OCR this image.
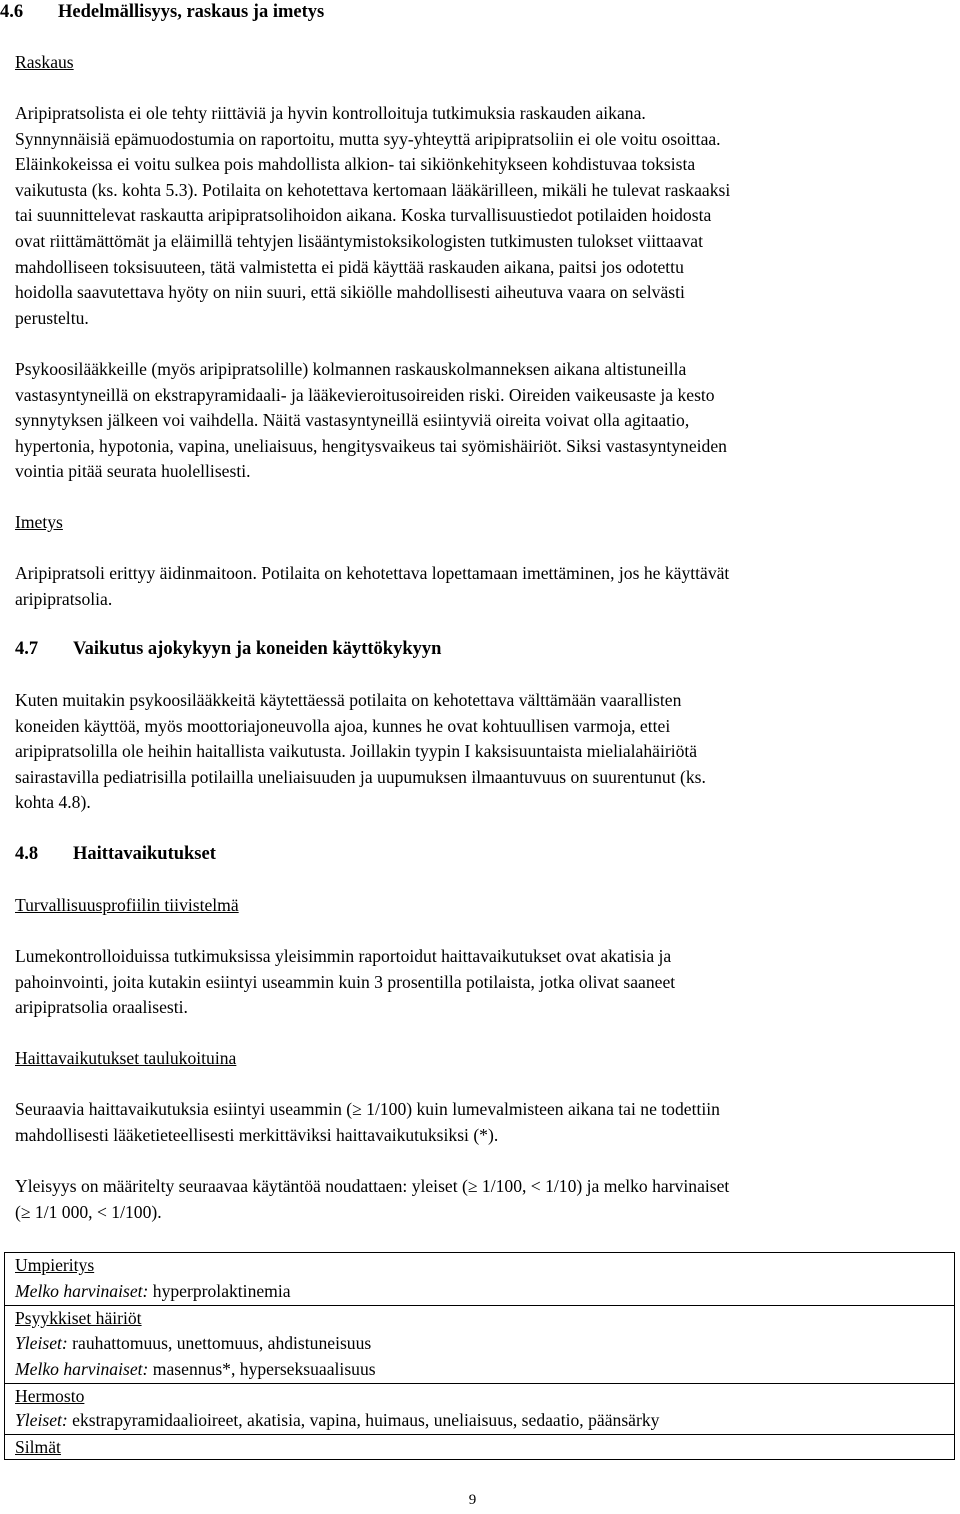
4.6 Hedelmällisyys, raskaus ja imetys
Raskaus
Aripipratsolista ei ole tehty riittäviä ja hyvin kontrolloituja tutkimuksia raskauden aikana.
Synnynnäisiä epämuodostumia on raportoitu, mutta syy-yhteyttä aripipratsoliin ei ole voitu osoittaa.
Eläinkokeissa ei voitu sulkea pois mahdollista alkion- tai sikiönkehitykseen kohdistuvaa toksista
vaikutusta (ks. kohta 5.3). Potilaita on kehotettava kertomaan lääkärilleen, mikäli he tulevat raskaaksi
tai suunnittelevat raskautta aripipratsolihoidon aikana. Koska turvallisuustiedot potilaiden hoidosta
ovat riittämättömät ja eläimillä tehtyjen lisääntymistoksikologisten tutkimusten tulokset viittaavat
mahdolliseen toksisuuteen, tätä valmistetta ei pidä käyttää raskauden aikana, paitsi jos odotettu
hoidolla saavutettava hyöty on niin suuri, että sikiölle mahdollisesti aiheutuva vaara on selvästi
perusteltu.
Psykoosilääkkeille (myös aripipratsolille) kolmannen raskauskolmanneksen aikana altistuneilla
vastasyntyneillä on ekstrapyramidaali- ja lääkevieroitusoireiden riski. Oireiden vaikeusaste ja kesto
synnytyksen jälkeen voi vaihdella. Näitä vastasyntyneillä esiintyviä oireita voivat olla agitaatio,
hypertonia, hypotonia, vapina, uneliaisuus, hengitysvaikeus tai syömishäiriöt. Siksi vastasyntyneiden
vointia pitää seurata huolellisesti.
Imetys
Aripipratsoli erittyy äidinmaitoon. Potilaita on kehotettava lopettamaan imettäminen, jos he käyttävät
aripipratsolia.
4.7 Vaikutus ajokykyyn ja koneiden käyttökykyyn
Kuten muitakin psykoosilääkkeitä käytettäessä potilaita on kehotettava välttämään vaarallisten
koneiden käyttöä, myös moottoriajoneuvolla ajoa, kunnes he ovat kohtuullisen varmoja, ettei
aripipratsolilla ole heihin haitallista vaikutusta. Joillakin tyypin I kaksisuuntaista mielialahäiriötä
sairastavilla pediatrisilla potilailla uneliaisuuden ja uupumuksen ilmaantuvuus on suurentunut (ks.
kohta 4.8).
4.8 Haittavaikutukset
Turvallisuusprofiilin tiivistelmä
Lumekontrolloiduissa tutkimuksissa yleisimmin raportoidut haittavaikutukset ovat akatisia ja
pahoinvointi, joita kutakin esiintyi useammin kuin 3 prosentilla potilaista, jotka olivat saaneet
aripipratsolia oraalisesti.
Haittavaikutukset taulukoituina
Seuraavia haittavaikutuksia esiintyi useammin (≥ 1/100) kuin lumevalmisteen aikana tai ne todettiin
mahdollisesti lääketieteellisesti merkittäviksi haittavaikutuksiksi (*).
Yleisyys on määritelty seuraavaa käytäntöä noudattaen: yleiset (≥ 1/100, < 1/10) ja melko harvinaiset
(≥ 1/1 000, < 1/100).
Umpieritys
Melko harvinaiset: hyperprolaktinemia
Psyykkiset häiriöt
Yleiset: rauhattomuus, unettomuus, ahdistuneisuus
Melko harvinaiset: masennus*, hyperseksuaalisuus
Hermosto
Yleiset: ekstrapyramidaalioireet, akatisia, vapina, huimaus, uneliaisuus, sedaatio, päänsärky
Silmät
9
